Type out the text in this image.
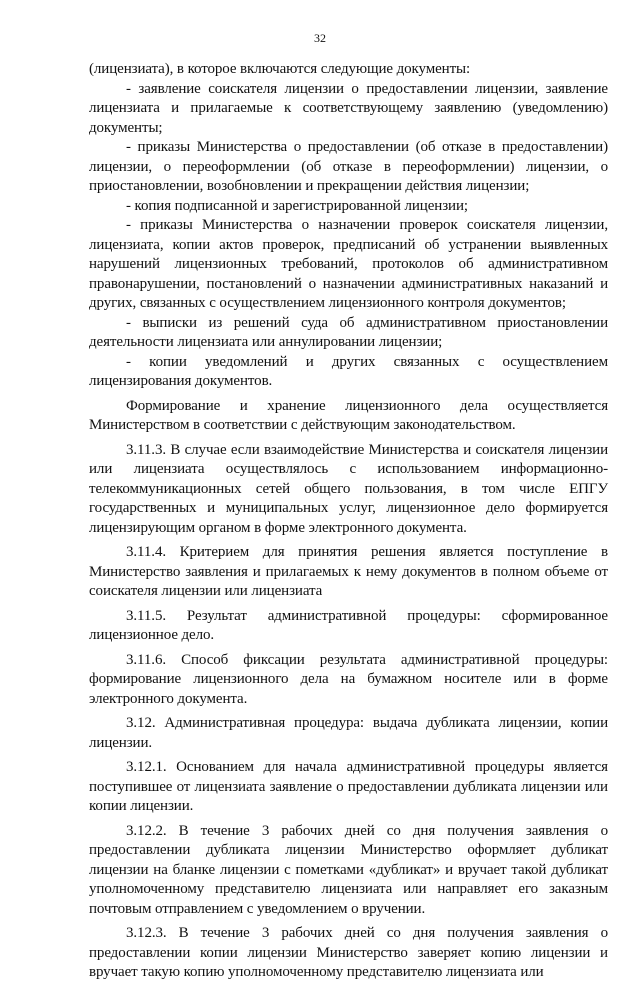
32

(лицензиата), в которое включаются следующие документы:

- заявление соискателя лицензии о предоставлении лицензии, заявление лицензиата и прилагаемые к соответствующему заявлению (уведомлению) документы;

- приказы Министерства о предоставлении (об отказе в предоставлении) лицензии, о переоформлении (об отказе в переоформлении) лицензии, о приостановлении, возобновлении и прекращении действия лицензии;

- копия подписанной и зарегистрированной лицензии;

- приказы Министерства о назначении проверок соискателя лицензии, лицензиата, копии актов проверок, предписаний об устранении выявленных нарушений лицензионных требований, протоколов об административном правонарушении, постановлений о назначении административных наказаний и других, связанных с осуществлением лицензионного контроля документов;

- выписки из решений суда об административном приостановлении деятельности лицензиата или аннулировании лицензии;

- копии уведомлений и других связанных с осуществлением лицензирования документов.

Формирование и хранение лицензионного дела осуществляется Министерством в соответствии с действующим законодательством.

3.11.3. В случае если взаимодействие Министерства и соискателя лицензии или лицензиата осуществлялось с использованием информационно-телекоммуникационных сетей общего пользования, в том числе ЕПГУ государственных и муниципальных услуг, лицензионное дело формируется лицензирующим органом в форме электронного документа.

3.11.4. Критерием для принятия решения является поступление в Министерство заявления и прилагаемых к нему документов в полном объеме от соискателя лицензии или лицензиата

3.11.5. Результат административной процедуры: сформированное лицензионное дело.

3.11.6. Способ фиксации результата административной процедуры: формирование лицензионного дела на бумажном носителе или в форме электронного документа.

3.12. Административная процедура: выдача дубликата лицензии, копии лицензии.

3.12.1. Основанием для начала административной процедуры является поступившее от лицензиата заявление о предоставлении дубликата лицензии или копии лицензии.

3.12.2. В течение 3 рабочих дней со дня получения заявления о предоставлении дубликата лицензии Министерство оформляет дубликат лицензии на бланке лицензии с пометками «дубликат» и вручает такой дубликат уполномоченному представителю лицензиата или направляет его заказным почтовым отправлением с уведомлением о вручении.

3.12.3. В течение 3 рабочих дней со дня получения заявления о предоставлении копии лицензии Министерство заверяет копию лицензии и вручает такую копию уполномоченному представителю лицензиата или
